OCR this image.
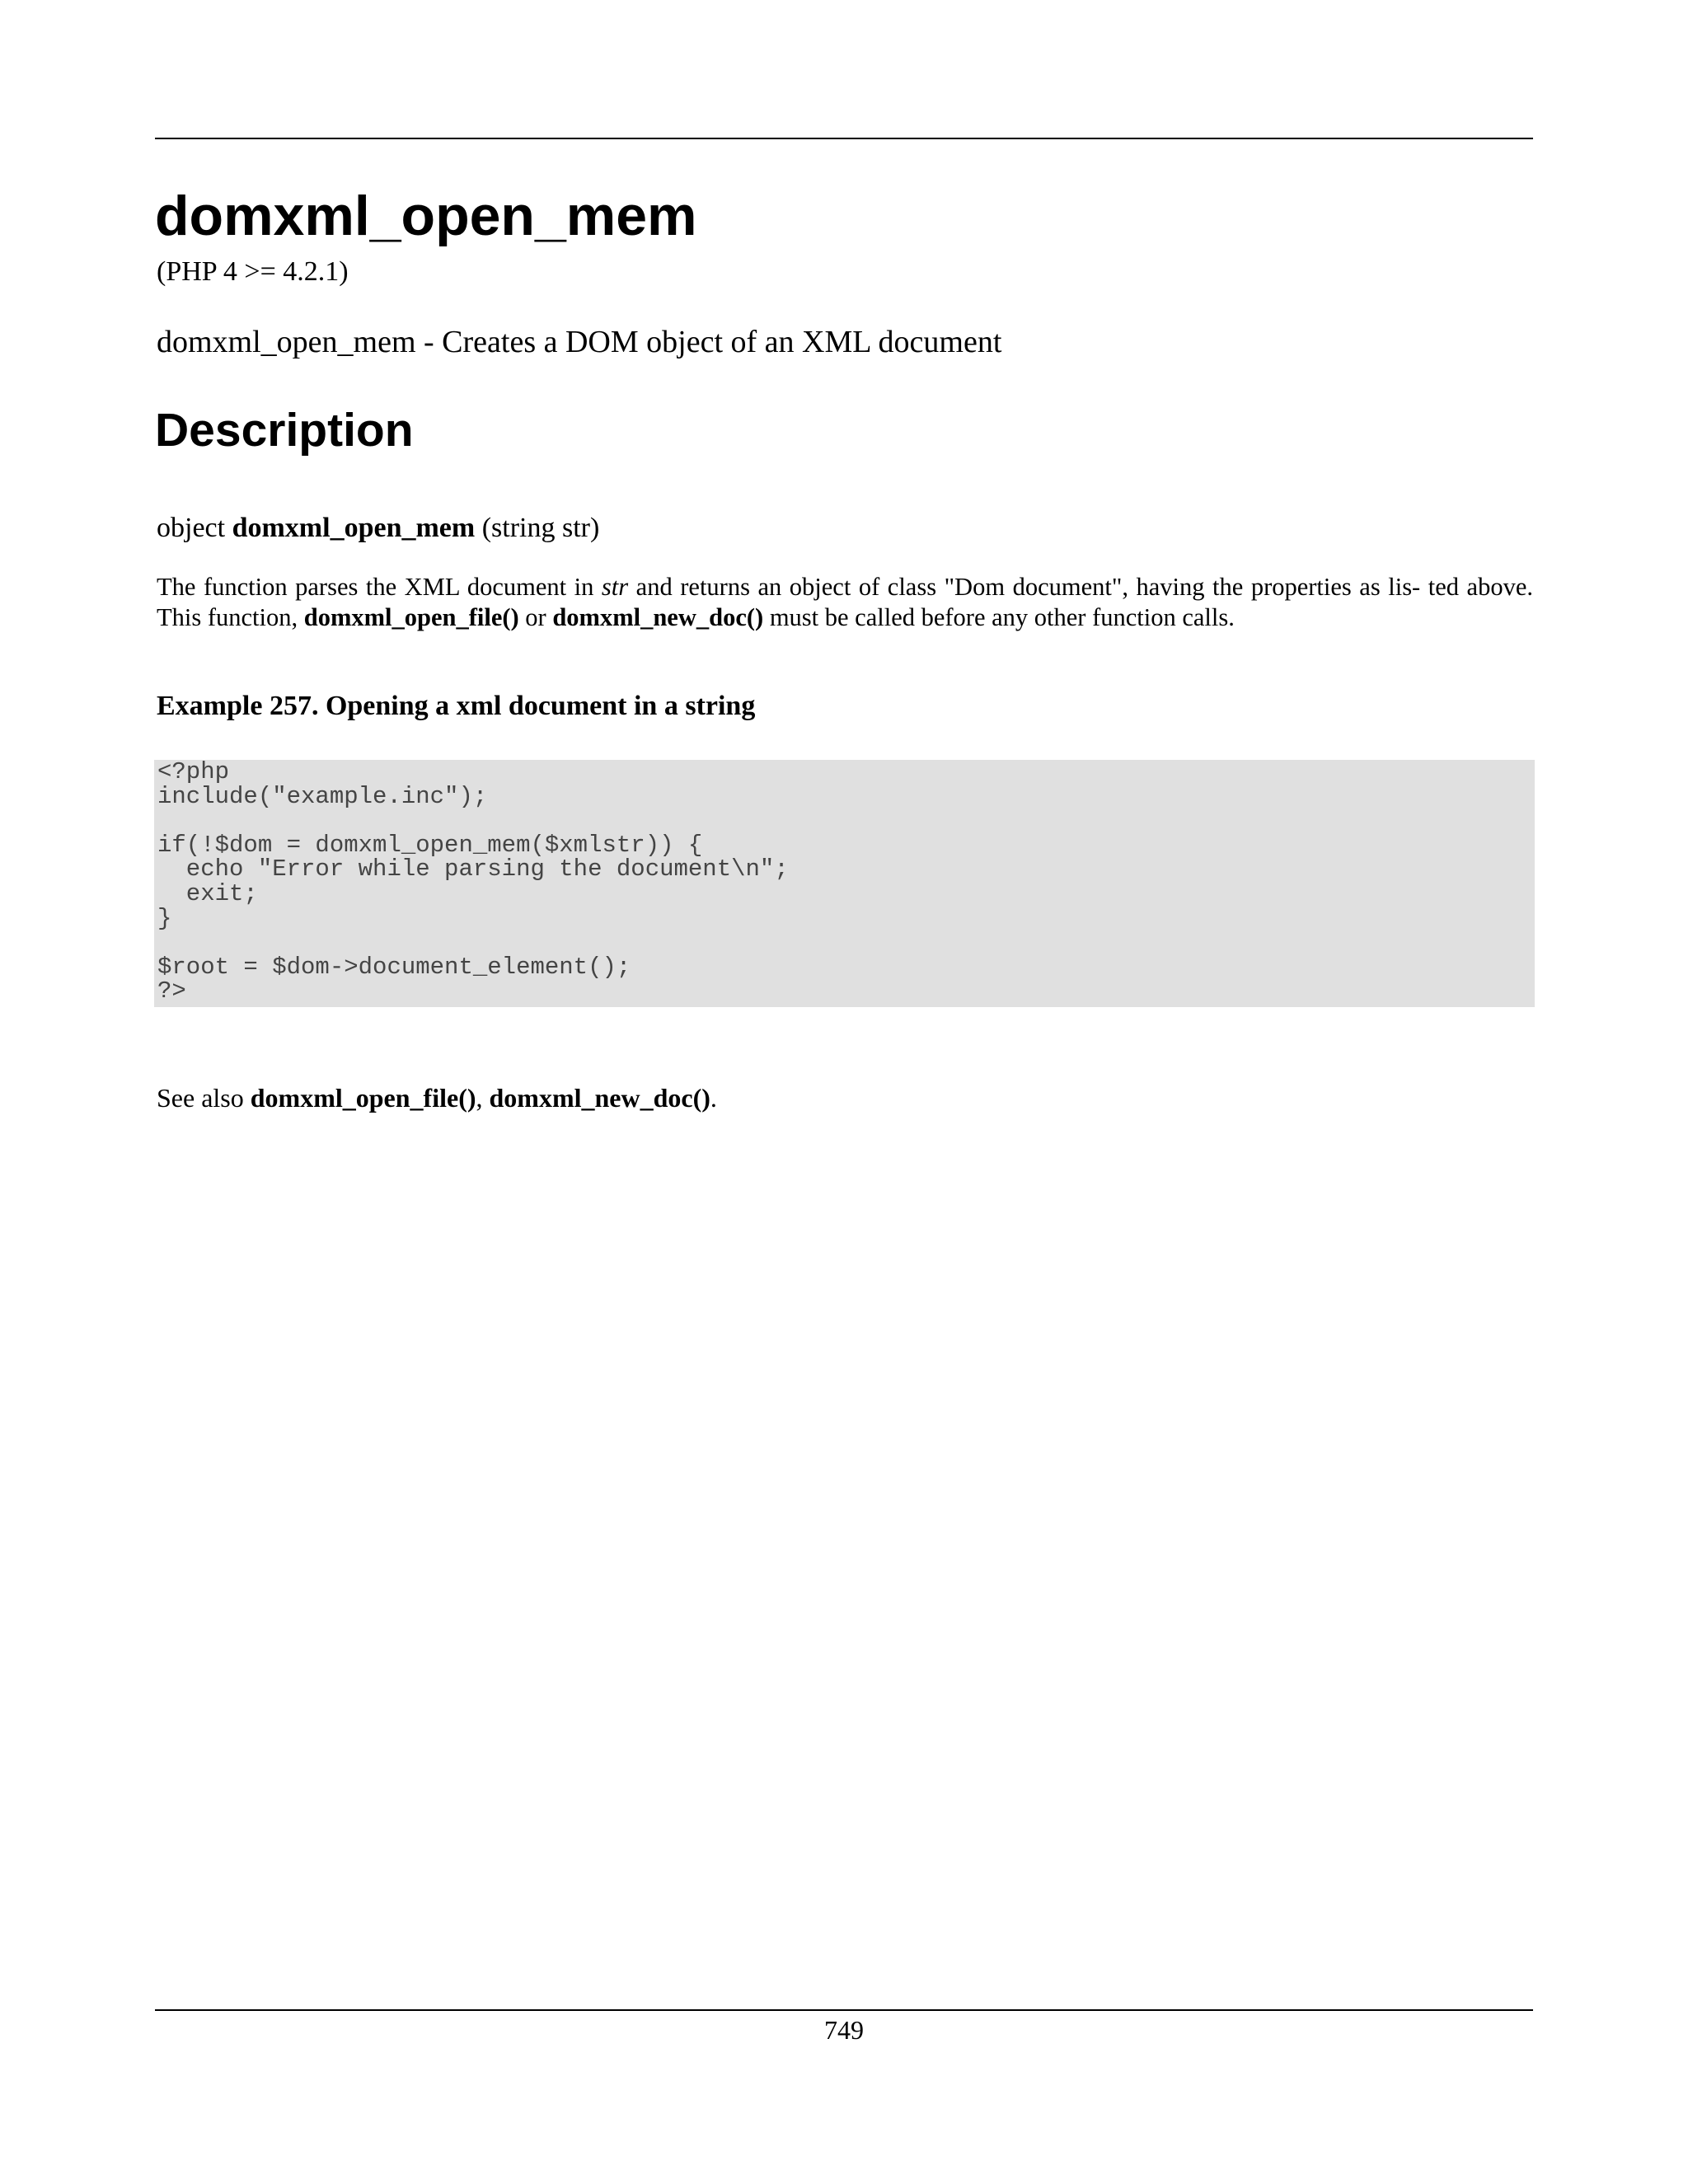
domxml_open_mem
(PHP 4 >= 4.2.1)
domxml_open_mem - Creates a DOM object of an XML document
Description
object domxml_open_mem (string str)
The function parses the XML document in str and returns an object of class "Dom document", having the properties as lis- ted above. This function, domxml_open_file() or domxml_new_doc() must be called before any other function calls.
Example 257. Opening a xml document in a string
<?php
include("example.inc");

if(!$dom = domxml_open_mem($xmlstr)) {
echo "Error while parsing the document\n";
exit;
}

$root = $dom->document_element();
?>
See also domxml_open_file(), domxml_new_doc().
749
